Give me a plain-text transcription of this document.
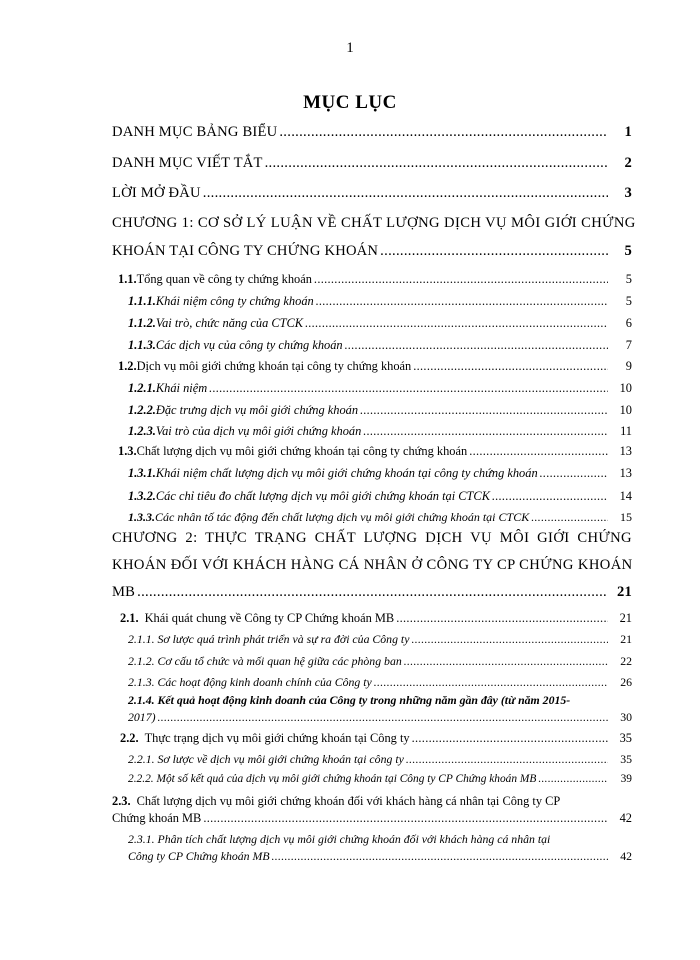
1
MỤC LỤC
DANH MỤC BẢNG BIỂU .....	1
DANH MỤC VIẾT TẮT .....	2
LỜI MỞ ĐẦU .....	3
CHƯƠNG 1: CƠ SỞ LÝ LUẬN VỀ CHẤT LƯỢNG DỊCH VỤ MÔI GIỚI CHỨNG
KHOÁN TẠI CÔNG TY CHỨNG KHOÁN .....	5
1.1. Tổng quan về công ty chứng khoán .....	5
1.1.1. Khái niệm công ty chứng khoán .....	5
1.1.2. Vai trò, chức năng của CTCK .....	6
1.1.3. Các dịch vụ của công ty chứng khoán .....	7
1.2. Dịch vụ môi giới chứng khoán tại công ty chứng khoán .....	9
1.2.1. Khái niệm .....	10
1.2.2. Đặc trưng dịch vụ môi giới chứng khoán .....	10
1.2.3. Vai trò của dịch vụ môi giới chứng khoán .....	11
1.3. Chất lượng dịch vụ môi giới chứng khoán tại công ty chứng khoán .....	13
1.3.1. Khái niệm chất lượng dịch vụ môi giới chứng khoán tại công ty chứng khoán .....	13
1.3.2. Các chỉ tiêu đo chất lượng dịch vụ môi giới chứng khoán tại CTCK .....	14
1.3.3. Các nhân tố tác động đến chất lượng dịch vụ môi giới chứng khoán tại CTCK .....	15
CHƯƠNG 2: THỰC TRẠNG CHẤT LƯỢNG DỊCH VỤ MÔI GIỚI CHỨNG
KHOÁN ĐỐI VỚI KHÁCH HÀNG CÁ NHÂN Ở CÔNG TY CP CHỨNG KHOÁN
MB .....	21
2.1. Khái quát chung về Công ty CP Chứng khoán MB .....	21
2.1.1. Sơ lược quá trình phát triển và sự ra đời của Công ty .....	21
2.1.2. Cơ cấu tổ chức và mối quan hệ giữa các phòng ban .....	22
2.1.3. Các hoạt động kinh doanh chính của Công ty .....	26
2.1.4. Kết quả hoạt động kinh doanh của Công ty trong những năm gần đây (từ năm 2015-
2017) .....	30
2.2. Thực trạng dịch vụ môi giới chứng khoán tại Công ty .....	35
2.2.1. Sơ lược về dịch vụ môi giới chứng khoán tại công ty .....	35
2.2.2. Một số kết quả của dịch vụ môi giới chứng khoán tại Công ty CP Chứng khoán MB .....	39
2.3. Chất lượng dịch vụ môi giới chứng khoán đối với khách hàng cá nhân tại Công ty CP
Chứng khoán MB .....	42
2.3.1. Phân tích chất lượng dịch vụ môi giới chứng khoán đối với khách hàng cá nhân tại
Công ty CP Chứng khoán MB .....	42
